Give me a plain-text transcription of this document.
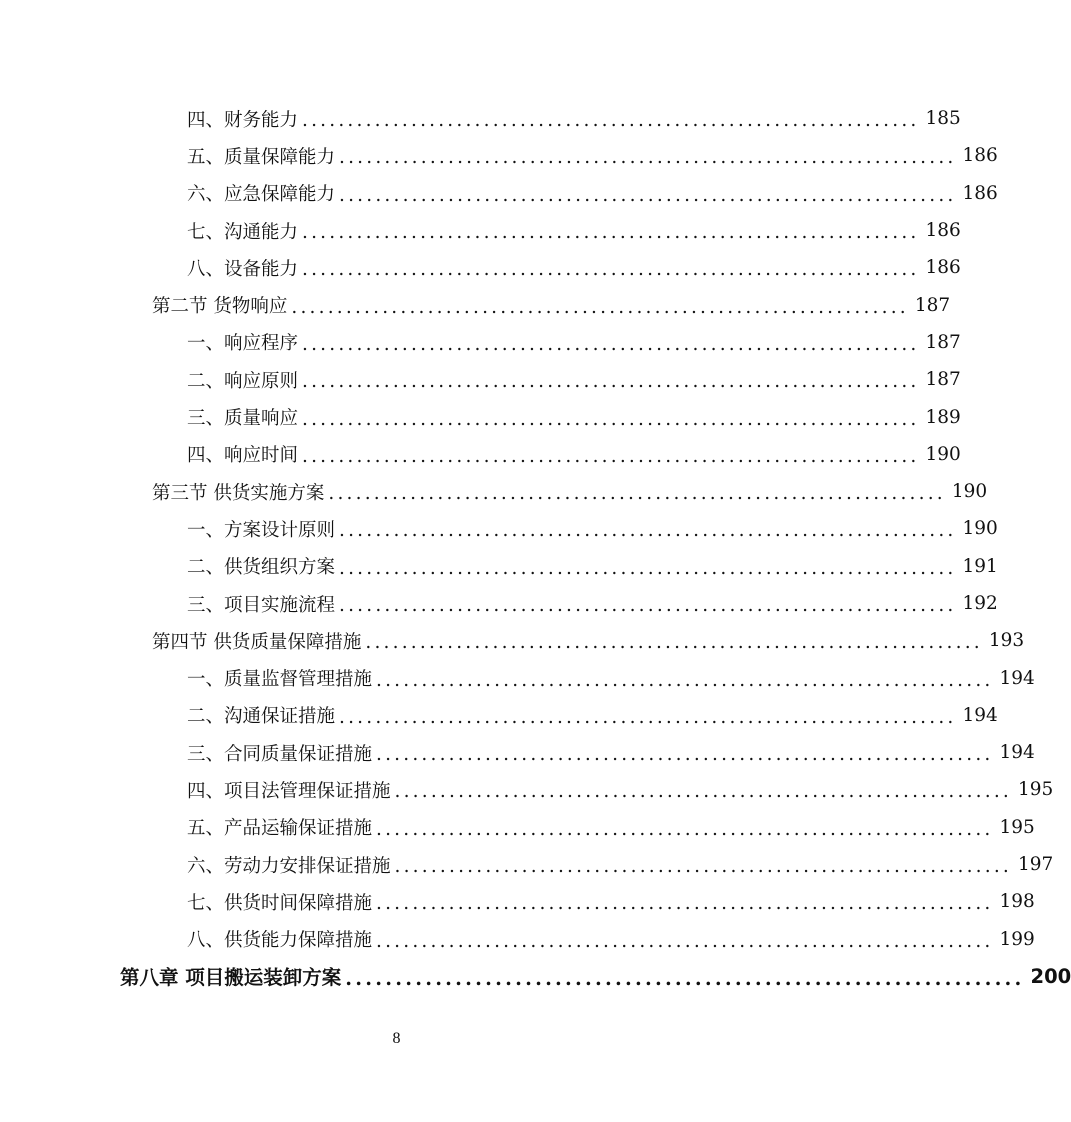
四、财务能力 .................................................................... 185
五、质量保障能力 .................................................................... 186
六、应急保障能力 .................................................................... 186
七、沟通能力 .................................................................... 186
八、设备能力 .................................................................... 186
第二节 货物响应 .................................................................... 187
一、响应程序 .................................................................... 187
二、响应原则 .................................................................... 187
三、质量响应 .................................................................... 189
四、响应时间 .................................................................... 190
第三节 供货实施方案 .................................................................... 190
一、方案设计原则 .................................................................... 190
二、供货组织方案 .................................................................... 191
三、项目实施流程 .................................................................... 192
第四节 供货质量保障措施 .................................................................... 193
一、质量监督管理措施 .................................................................... 194
二、沟通保证措施 .................................................................... 194
三、合同质量保证措施 .................................................................... 194
四、项目法管理保证措施 .................................................................... 195
五、产品运输保证措施 .................................................................... 195
六、劳动力安排保证措施 .................................................................... 197
七、供货时间保障措施 .................................................................... 198
八、供货能力保障措施 .................................................................... 199
第八章 项目搬运装卸方案 .................................................................... 200
8
